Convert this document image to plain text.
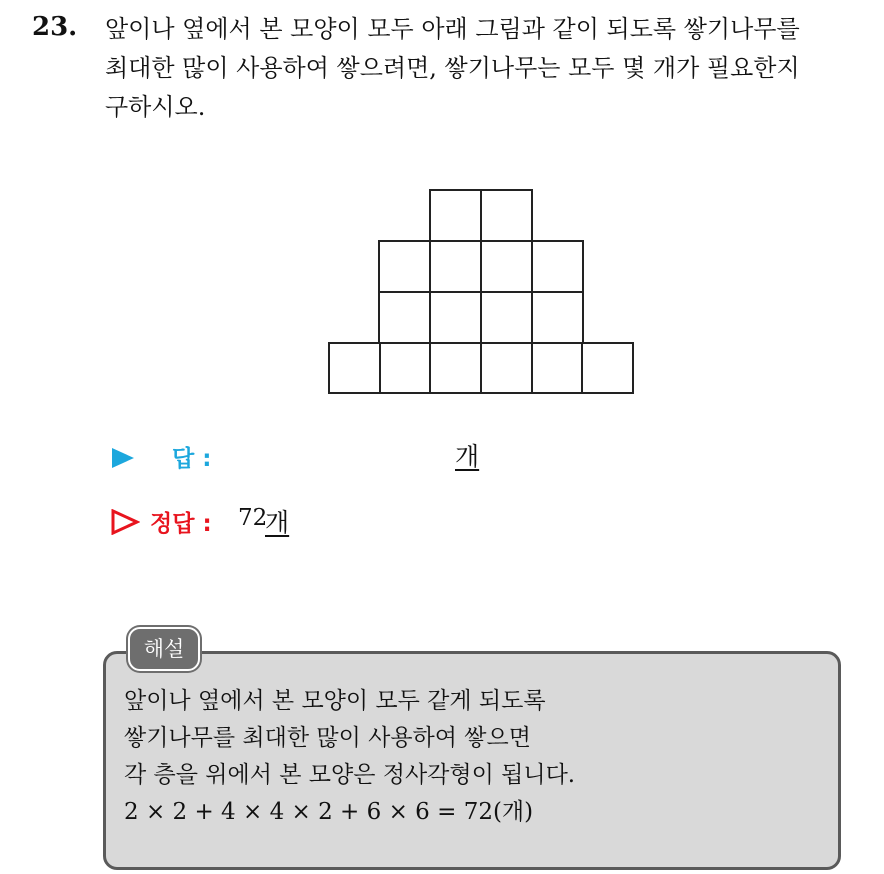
23. 앞이나 옆에서 본 모양이 모두 아래 그림과 같이 되도록 쌓기나무를
최대한 많이 사용하여 쌓으려면, 쌓기나무는 모두 몇 개가 필요한지
구하시오.
답 :	개
정답 : 72
개
해설
앞이나 옆에서 본 모양이 모두 같게 되도록
쌓기나무를 최대한 많이 사용하여 쌓으면
각 층을 위에서 본 모양은 정사각형이 됩니다.
2 × 2 + 4 × 4 × 2 + 6 × 6 = 72(개)
